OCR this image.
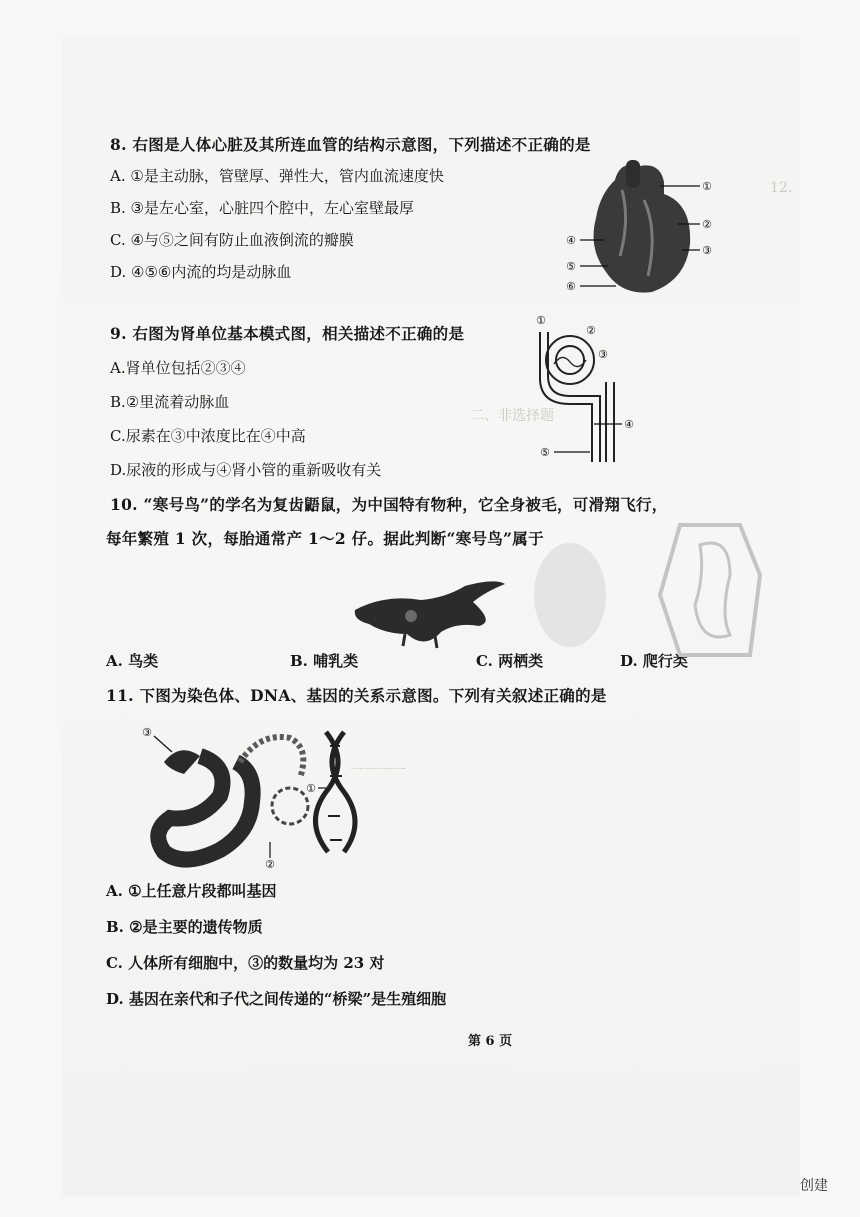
12.
二、非选择题
一一一一
8. 右图是人体心脏及其所连血管的结构示意图，下列描述不正确的是
A. ①是主动脉，管壁厚、弹性大，管内血流速度快
B. ③是左心室，心脏四个腔中，左心室壁最厚
C. ④与⑤之间有防止血液倒流的瓣膜
D. ④⑤⑥内流的均是动脉血
①
②
③
④
⑤
⑥
9. 右图为肾单位基本模式图，相关描述不正确的是
A.肾单位包括②③④
B.②里流着动脉血
C.尿素在③中浓度比在④中高
D.尿液的形成与④肾小管的重新吸收有关
①
②
③
④
⑤
10. “寒号鸟”的学名为复齿鼯鼠，为中国特有物种，它全身被毛，可滑翔飞行，
每年繁殖 1 次，每胎通常产 1～2 仔。据此判断“寒号鸟”属于
A. 鸟类	B. 哺乳类	C. 两栖类	D. 爬行类
11. 下图为染色体、DNA、基因的关系示意图。下列有关叙述正确的是
①
②
③
A. ①上任意片段都叫基因
B. ②是主要的遗传物质
C. 人体所有细胞中，③的数量均为 23 对
D. 基因在亲代和子代之间传递的“桥梁”是生殖细胞
第 6 页
创建
